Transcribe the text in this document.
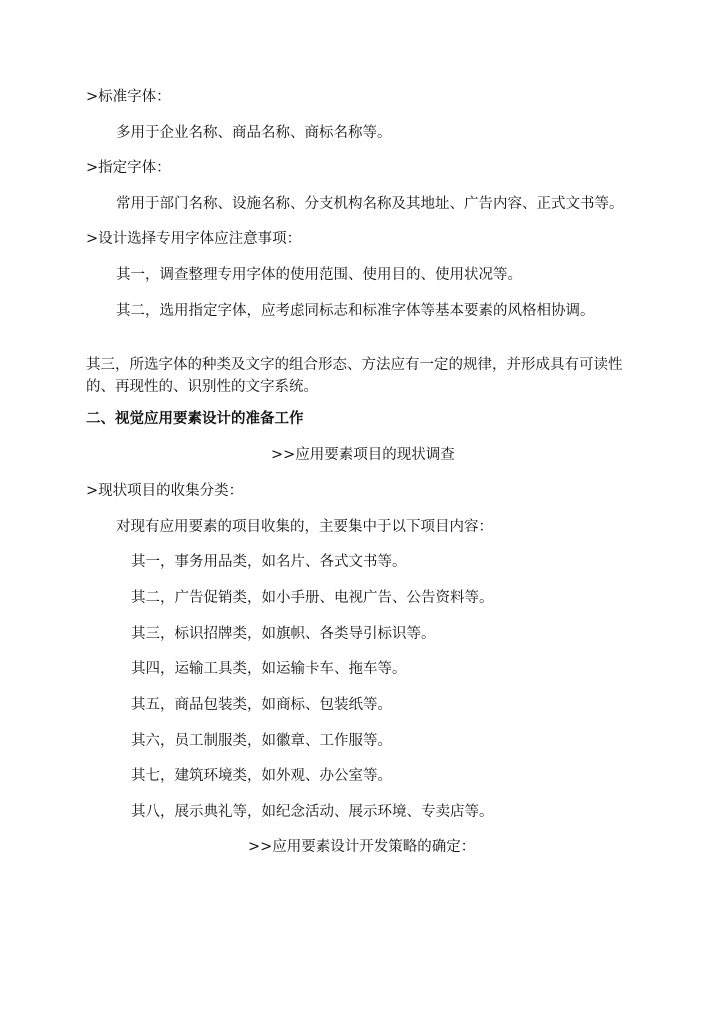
>标准字体：

多用于企业名称、商品名称、商标名称等。

>指定字体：

常用于部门名称、设施名称、分支机构名称及其地址、广告内容、正式文书等。

>设计选择专用字体应注意事项：

其一，调查整理专用字体的使用范围、使用目的、使用状况等。

其二，选用指定字体，应考虑同标志和标准字体等基本要素的风格相协调。

其三，所选字体的种类及文字的组合形态、方法应有一定的规律，并形成具有可读性的、再现性的、识别性的文字系统。

二、视觉应用要素设计的准备工作

>>应用要素项目的现状调查

>现状项目的收集分类：

对现有应用要素的项目收集的，主要集中于以下项目内容：

其一，事务用品类，如名片、各式文书等。

其二，广告促销类，如小手册、电视广告、公告资料等。

其三，标识招牌类，如旗帜、各类导引标识等。

其四，运输工具类，如运输卡车、拖车等。

其五，商品包装类，如商标、包装纸等。

其六，员工制服类，如徽章、工作服等。

其七，建筑环境类，如外观、办公室等。

其八，展示典礼等，如纪念活动、展示环境、专卖店等。

>>应用要素设计开发策略的确定：
